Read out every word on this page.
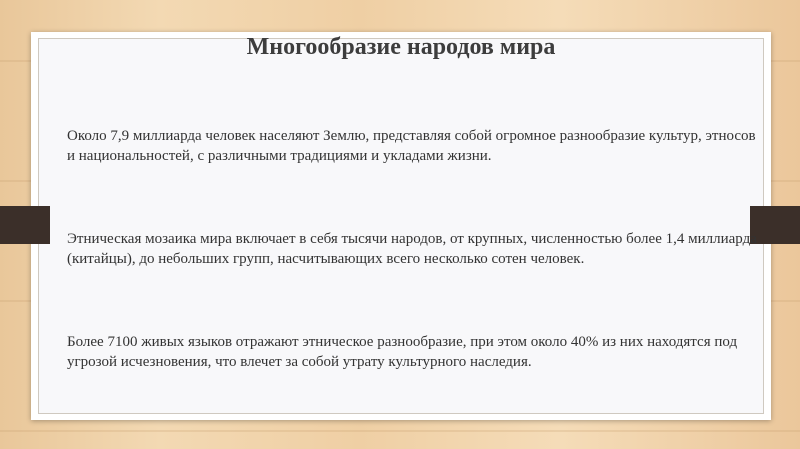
Многообразие народов мира
Около 7,9 миллиарда человек населяют Землю, представляя собой огромное разнообразие культур, этносов и национальностей, с различными традициями и укладами жизни.
Этническая мозаика мира включает в себя тысячи народов, от крупных, численностью более 1,4 миллиарда (китайцы), до небольших групп, насчитывающих всего несколько сотен человек.
Более 7100 живых языков отражают этническое разнообразие, при этом около 40% из них находятся под угрозой исчезновения, что влечет за собой утрату культурного наследия.
